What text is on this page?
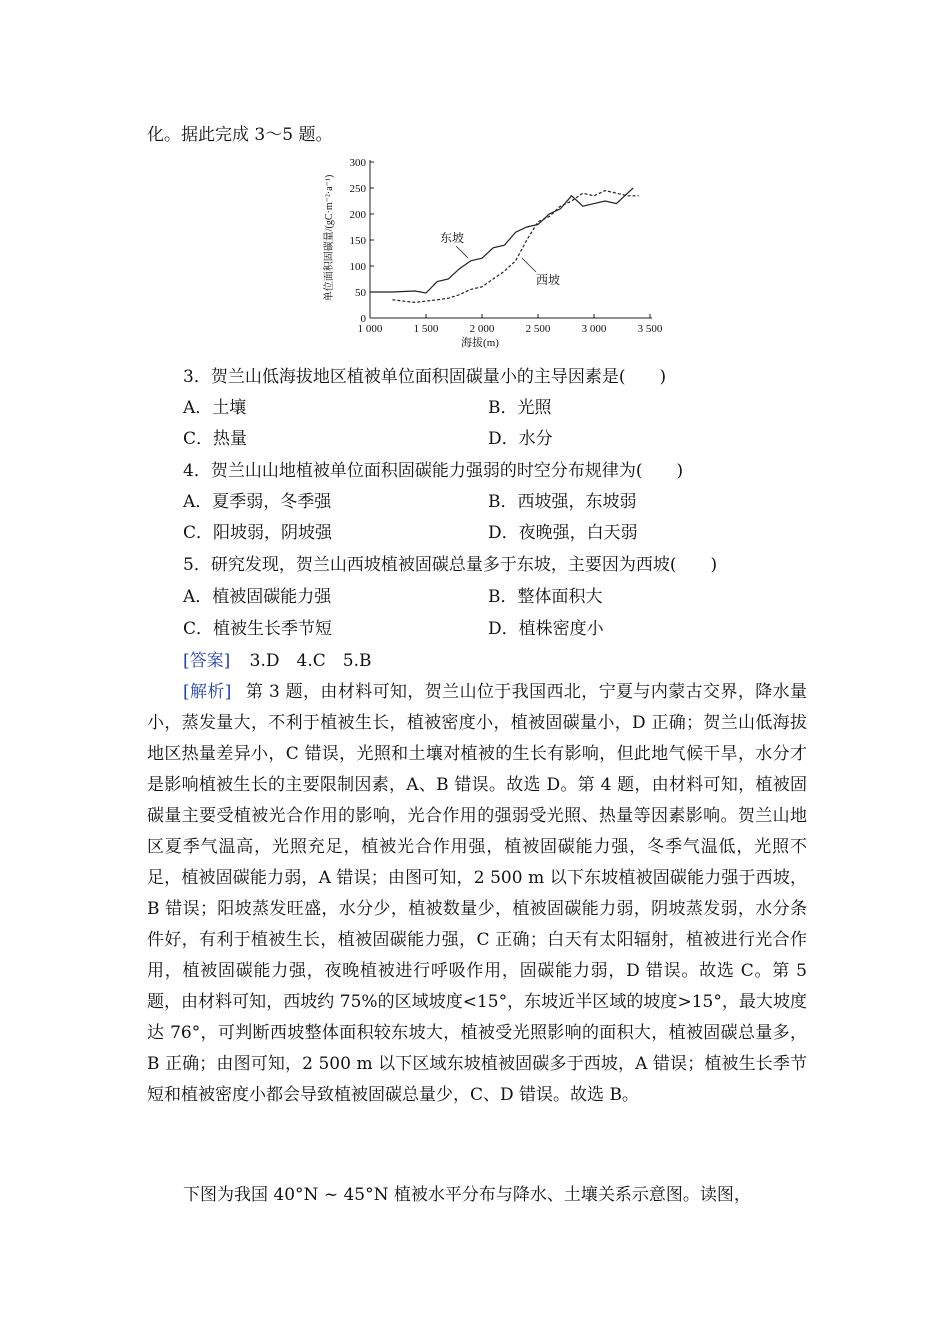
化。据此完成 3～5 题。
0
50
100
150
200
250
300
1 000	1 500	2 000	2 500	3 000	3 500
单位面积固碳量/(gC·m⁻²·a⁻¹)
海拔(m)
东坡
西坡
3．贺兰山低海拔地区植被单位面积固碳量小的主导因素是(　　)
A．土壤	B．光照
C．热量	D．水分
4．贺兰山山地植被单位面积固碳能力强弱的时空分布规律为(　　)
A．夏季弱，冬季强	B．西坡强，东坡弱
C．阳坡弱，阴坡强	D．夜晚强，白天弱
5．研究发现，贺兰山西坡植被固碳总量多于东坡，主要因为西坡(　　)
A．植被固碳能力强	B．整体面积大
C．植被生长季节短	D．植株密度小
[答案] 3.D　4.C　5.B

[解析] 第 3 题，由材料可知，贺兰山位于我国西北，宁夏与内蒙古交界，降水量小，蒸发量大，不利于植被生长，植被密度小，植被固碳量小，D 正确；贺兰山低海拔地区热量差异小，C 错误，光照和土壤对植被的生长有影响，但此地气候干旱，水分才是影响植被生长的主要限制因素，A、B 错误。故选 D。第 4 题，由材料可知，植被固碳量主要受植被光合作用的影响，光合作用的强弱受光照、热量等因素影响。贺兰山地区夏季气温高，光照充足，植被光合作用强，植被固碳能力强，冬季气温低，光照不足，植被固碳能力弱，A 错误；由图可知，2 500 m 以下东坡植被固碳能力强于西坡，B 错误；阳坡蒸发旺盛，水分少，植被数量少，植被固碳能力弱，阴坡蒸发弱，水分条件好，有利于植被生长，植被固碳能力强，C 正确；白天有太阳辐射，植被进行光合作用，植被固碳能力强，夜晚植被进行呼吸作用，固碳能力弱，D 错误。故选 C。第 5 题，由材料可知，西坡约 75%的区域坡度<15°，东坡近半区域的坡度>15°，最大坡度达 76°，可判断西坡整体面积较东坡大，植被受光照影响的面积大，植被固碳总量多，B 正确；由图可知，2 500 m 以下区域东坡植被固碳多于西坡，A 错误；植被生长季节短和植被密度小都会导致植被固碳总量少，C、D 错误。故选 B。

下图为我国 40°N ~ 45°N 植被水平分布与降水、土壤关系示意图。读图，
